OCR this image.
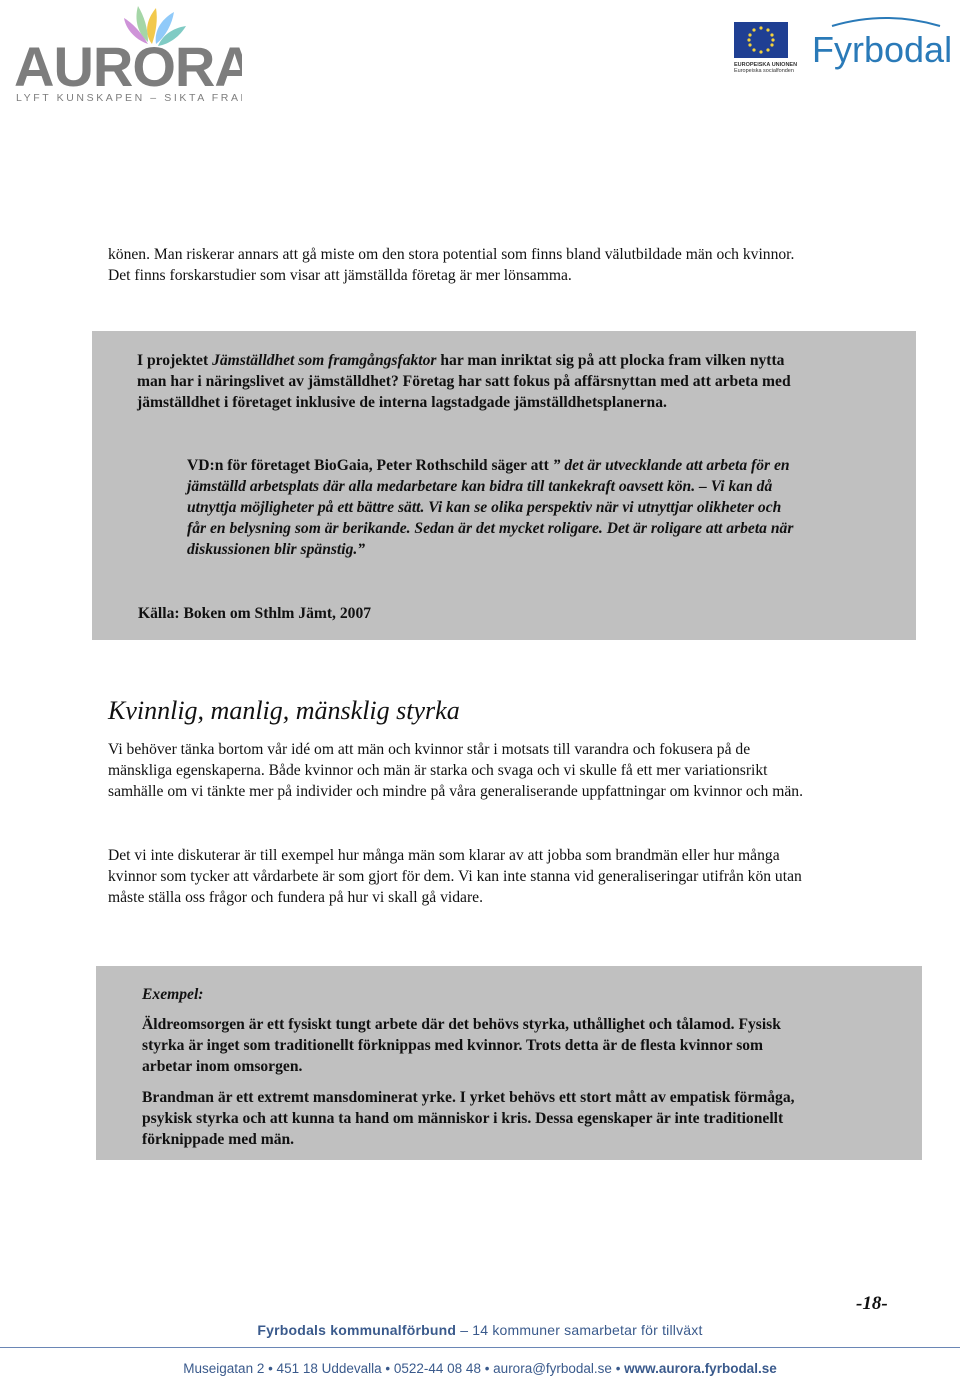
AURORA
LYFT KUNSKAPEN – SIKTA FRA
EUROPEISKA UNIONEN
Europeiska socialfonden
Fyrbodal
könen. Man riskerar annars att gå miste om den stora potential som finns bland välutbildade män och kvinnor.
Det finns forskarstudier som visar att jämställda företag är mer lönsamma.
I projektet Jämställdhet som framgångsfaktor har man inriktat sig på att plocka fram vilken nytta
man har i näringslivet av jämställdhet? Företag har satt fokus på affärsnyttan med att arbeta med
jämställdhet i företaget inklusive de interna lagstadgade jämställdhetsplanerna.
VD:n för företaget BioGaia, Peter Rothschild säger att ” det är utvecklande att arbeta för en
jämställd arbetsplats där alla medarbetare kan bidra till tankekraft oavsett kön. – Vi kan då
utnyttja möjligheter på ett bättre sätt. Vi kan se olika perspektiv när vi utnyttjar olikheter och
får en belysning som är berikande. Sedan är det mycket roligare. Det är roligare att arbeta när
diskussionen blir spänstig.”
Källa: Boken om Sthlm Jämt, 2007
Kvinnlig, manlig, mänsklig styrka
Vi behöver tänka bortom vår idé om att män och kvinnor står i motsats till varandra och fokusera på de
mänskliga egenskaperna. Både kvinnor och män är starka och svaga och vi skulle få ett mer variationsrikt
samhälle om vi tänkte mer på individer och mindre på våra generaliserande uppfattningar om kvinnor och män.
Det vi inte diskuterar är till exempel hur många män som klarar av att jobba som brandmän eller hur många
kvinnor som tycker att vårdarbete är som gjort för dem. Vi kan inte stanna vid generaliseringar utifrån kön utan
måste ställa oss frågor och fundera på hur vi skall gå vidare.
Exempel:
Äldreomsorgen är ett fysiskt tungt arbete där det behövs styrka, uthållighet och tålamod. Fysisk
styrka är inget som traditionellt förknippas med kvinnor. Trots detta är de flesta kvinnor som
arbetar inom omsorgen.
Brandman är ett extremt mansdominerat yrke. I yrket behövs ett stort mått av empatisk förmåga,
psykisk styrka och att kunna ta hand om människor i kris. Dessa egenskaper är inte traditionellt
förknippade med män.
-18-
Fyrbodals kommunalförbund – 14 kommuner samarbetar för tillväxt
Museigatan 2 • 451 18 Uddevalla • 0522-44 08 48 • aurora@fyrbodal.se • www.aurora.fyrbodal.se
